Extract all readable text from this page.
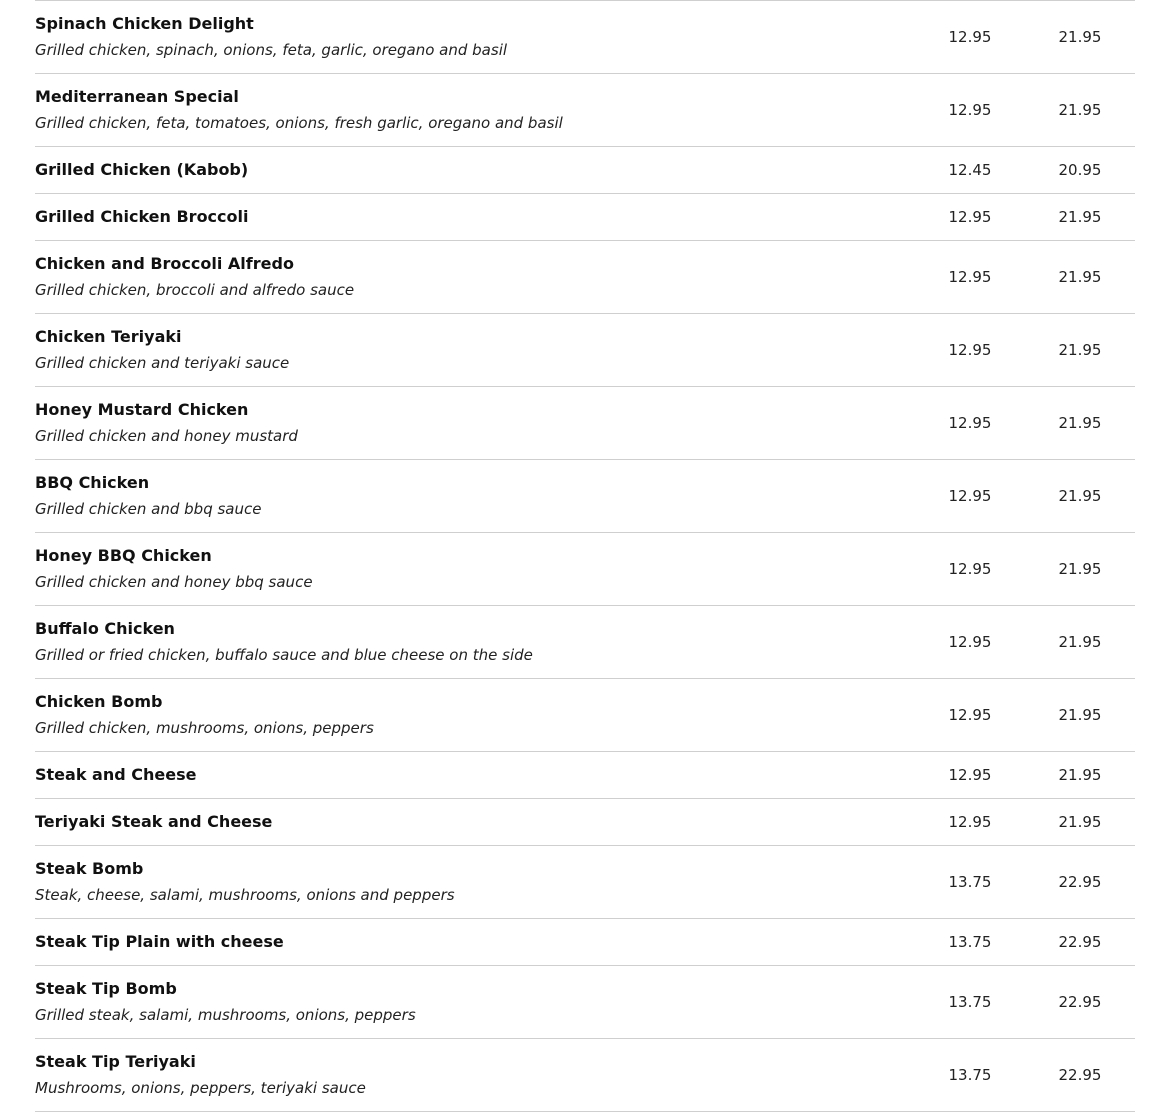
Spinach Chicken Delight
Grilled chicken, spinach, onions, feta, garlic, oregano and basil
12.95	21.95
Mediterranean Special
Grilled chicken, feta, tomatoes, onions, fresh garlic, oregano and basil
12.95	21.95
Grilled Chicken (Kabob)	12.45	20.95
Grilled Chicken Broccoli	12.95	21.95
Chicken and Broccoli Alfredo
Grilled chicken, broccoli and alfredo sauce
12.95	21.95
Chicken Teriyaki
Grilled chicken and teriyaki sauce
12.95	21.95
Honey Mustard Chicken
Grilled chicken and honey mustard
12.95	21.95
BBQ Chicken
Grilled chicken and bbq sauce
12.95	21.95
Honey BBQ Chicken
Grilled chicken and honey bbq sauce
12.95	21.95
Buffalo Chicken
Grilled or fried chicken, buffalo sauce and blue cheese on the side
12.95	21.95
Chicken Bomb
Grilled chicken, mushrooms, onions, peppers
12.95	21.95
Steak and Cheese	12.95	21.95
Teriyaki Steak and Cheese	12.95	21.95
Steak Bomb
Steak, cheese, salami, mushrooms, onions and peppers
13.75	22.95
Steak Tip Plain with cheese	13.75	22.95
Steak Tip Bomb
Grilled steak, salami, mushrooms, onions, peppers
13.75	22.95
Steak Tip Teriyaki
Mushrooms, onions, peppers, teriyaki sauce
13.75	22.95
